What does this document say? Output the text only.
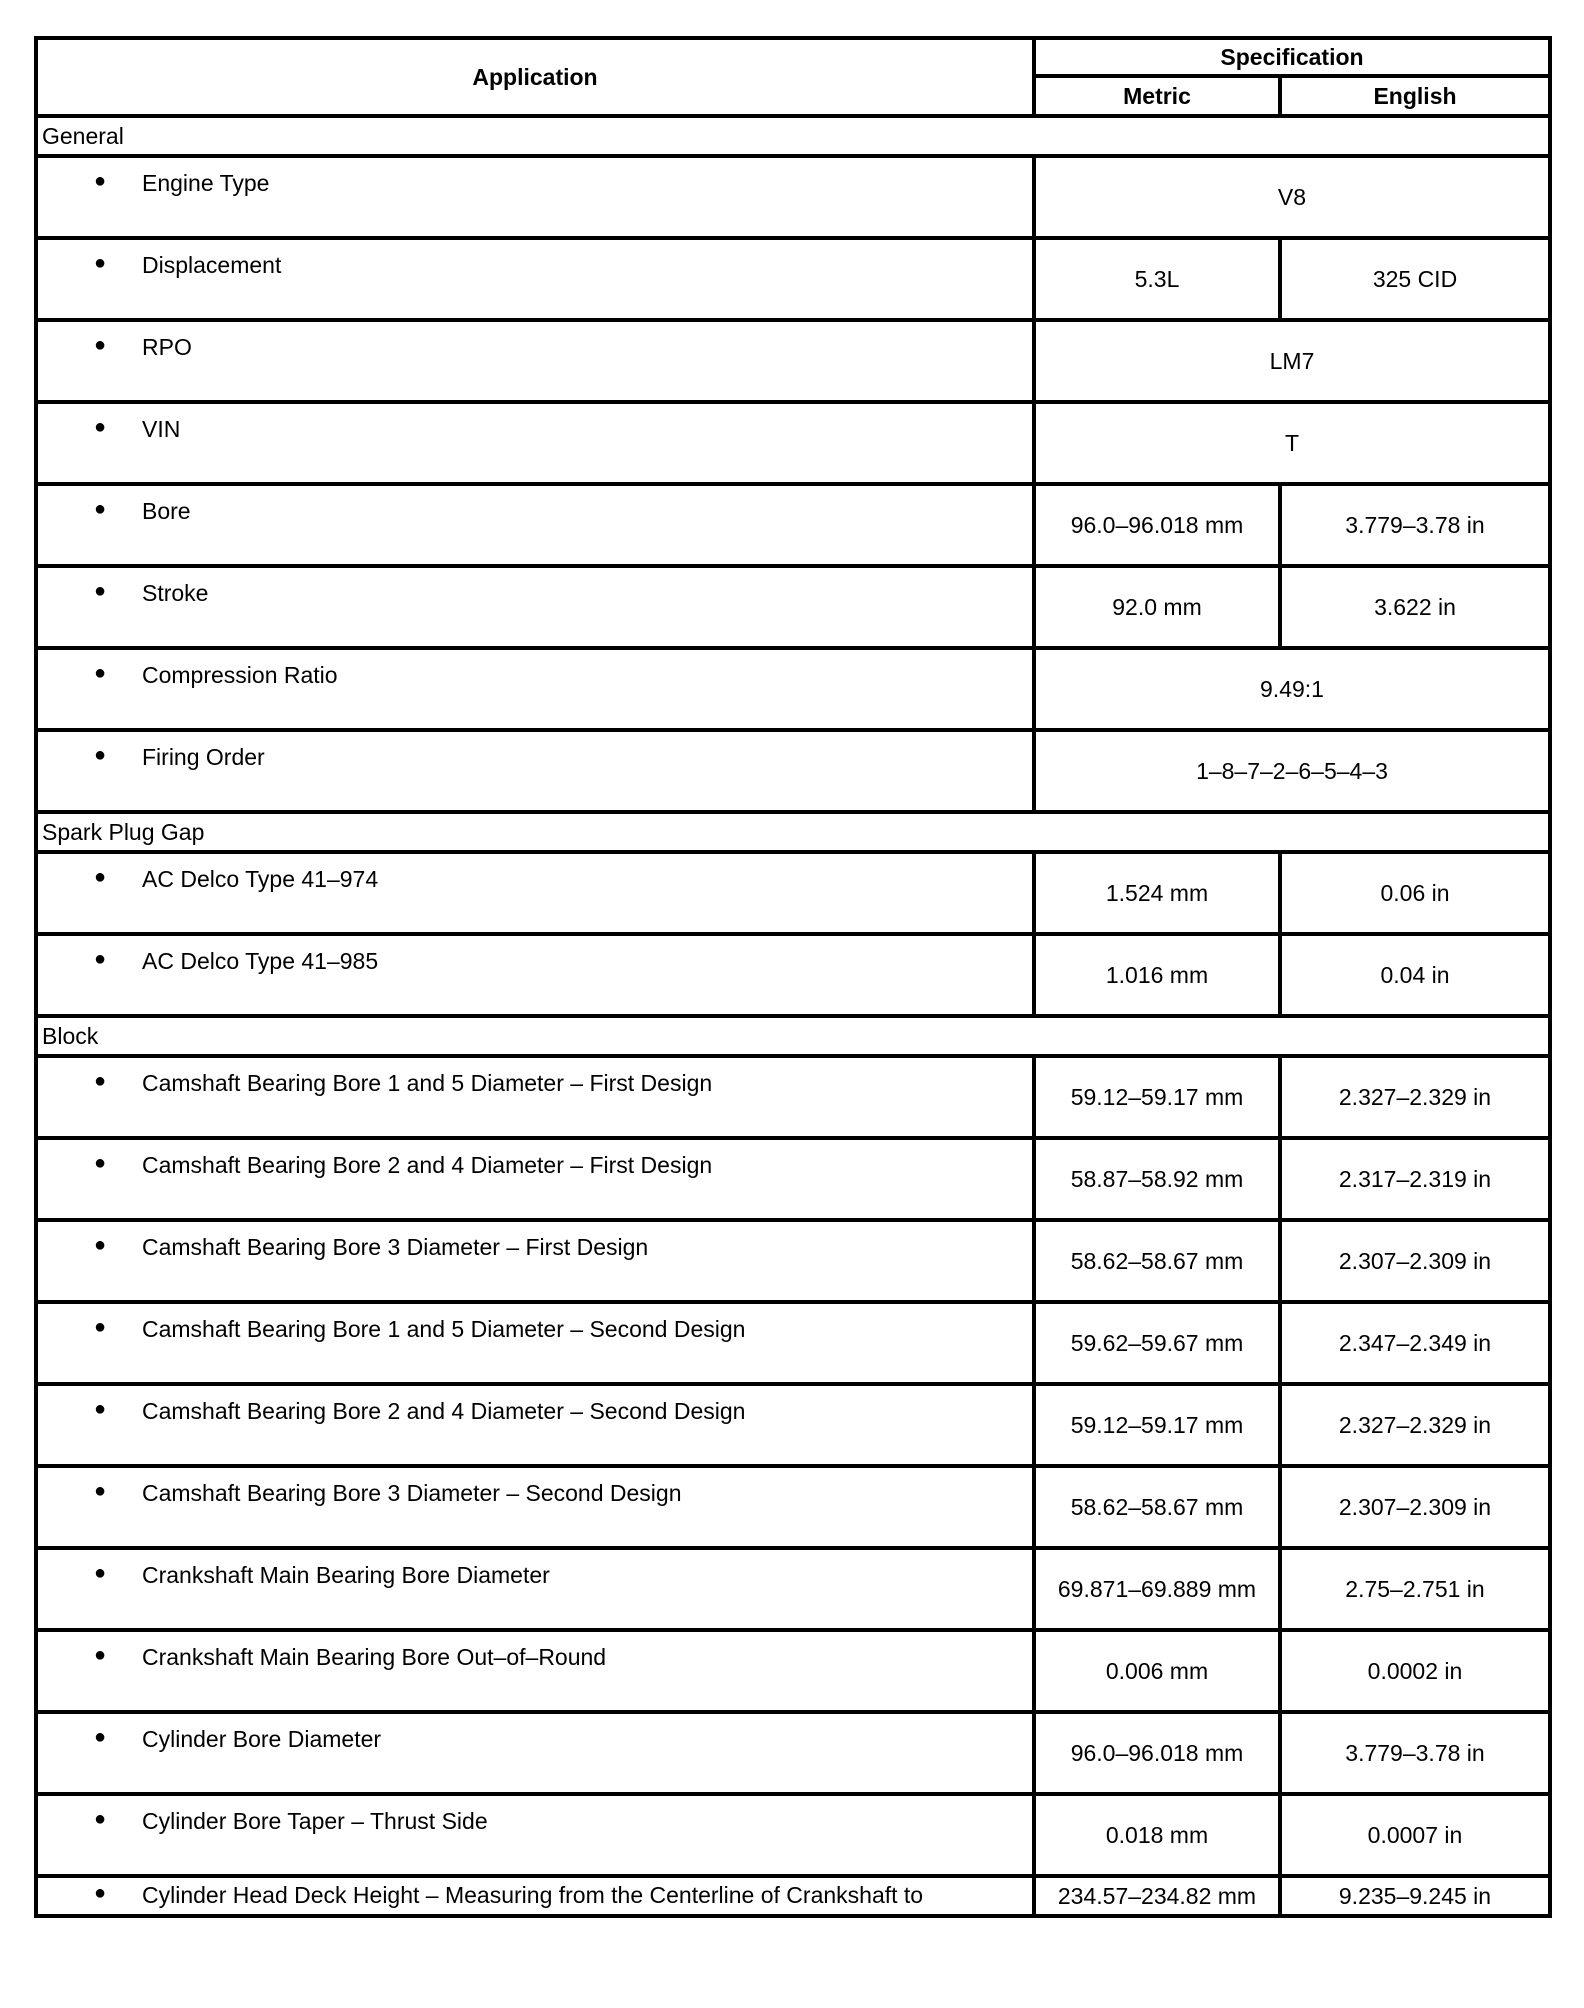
Application	Specification	
	Metric	English
General		

● Engine Type	V8	

● Displacement	5.3L	325 CID

● RPO	LM7	

● VIN	T	

● Bore	96.0–96.018 mm	3.779–3.78 in

● Stroke	92.0 mm	3.622 in

● Compression Ratio	9.49:1	

● Firing Order	1–8–7–2–6–5–4–3	
Spark Plug Gap		

● AC Delco Type 41–974	1.524 mm	0.06 in

● AC Delco Type 41–985	1.016 mm	0.04 in
Block		

● Camshaft Bearing Bore 1 and 5 Diameter – First Design	59.12–59.17 mm	2.327–2.329 in

● Camshaft Bearing Bore 2 and 4 Diameter – First Design	58.87–58.92 mm	2.317–2.319 in

● Camshaft Bearing Bore 3 Diameter – First Design	58.62–58.67 mm	2.307–2.309 in

● Camshaft Bearing Bore 1 and 5 Diameter – Second Design	59.62–59.67 mm	2.347–2.349 in

● Camshaft Bearing Bore 2 and 4 Diameter – Second Design	59.12–59.17 mm	2.327–2.329 in

● Camshaft Bearing Bore 3 Diameter – Second Design	58.62–58.67 mm	2.307–2.309 in

● Crankshaft Main Bearing Bore Diameter	69.871–69.889 mm	2.75–2.751 in

● Crankshaft Main Bearing Bore Out–of–Round	0.006 mm	0.0002 in

● Cylinder Bore Diameter	96.0–96.018 mm	3.779–3.78 in

● Cylinder Bore Taper – Thrust Side	0.018 mm	0.0007 in

● Cylinder Head Deck Height – Measuring from the Centerline of Crankshaft to	234.57–234.82 mm	9.235–9.245 in
